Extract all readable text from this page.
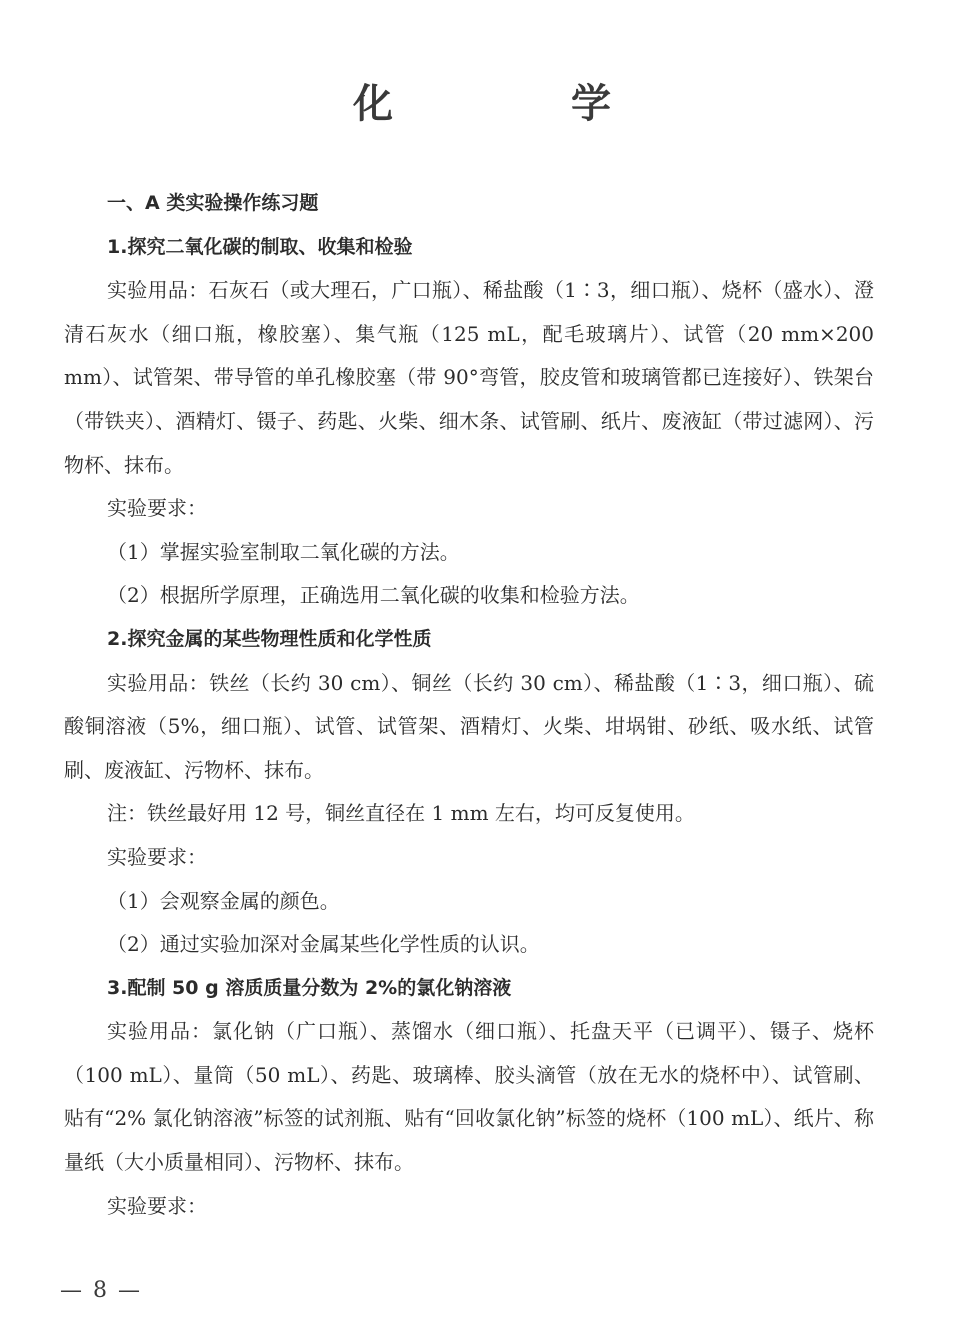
化 学

一、A 类实验操作练习题

1.探究二氧化碳的制取、收集和检验

实验用品：石灰石（或大理石，广口瓶）、稀盐酸（1∶3，细口瓶）、烧杯（盛水）、澄清石灰水（细口瓶，橡胶塞）、集气瓶（125 mL，配毛玻璃片）、试管（20 mm×200 mm）、试管架、带导管的单孔橡胶塞（带 90°弯管，胶皮管和玻璃管都已连接好）、铁架台（带铁夹）、酒精灯、镊子、药匙、火柴、细木条、试管刷、纸片、废液缸（带过滤网）、污物杯、抹布。

实验要求：

（1）掌握实验室制取二氧化碳的方法。

（2）根据所学原理，正确选用二氧化碳的收集和检验方法。

2.探究金属的某些物理性质和化学性质

实验用品：铁丝（长约 30 cm）、铜丝（长约 30 cm）、稀盐酸（1∶3，细口瓶）、硫酸铜溶液（5%，细口瓶）、试管、试管架、酒精灯、火柴、坩埚钳、砂纸、吸水纸、试管刷、废液缸、污物杯、抹布。

注：铁丝最好用 12 号，铜丝直径在 1 mm 左右，均可反复使用。

实验要求：

（1）会观察金属的颜色。

（2）通过实验加深对金属某些化学性质的认识。

3.配制 50 g 溶质质量分数为 2%的氯化钠溶液

实验用品：氯化钠（广口瓶）、蒸馏水（细口瓶）、托盘天平（已调平）、镊子、烧杯（100 mL）、量筒（50 mL）、药匙、玻璃棒、胶头滴管（放在无水的烧杯中）、试管刷、贴有“2% 氯化钠溶液”标签的试剂瓶、贴有“回收氯化钠”标签的烧杯（100 mL）、纸片、称量纸（大小质量相同）、污物杯、抹布。

实验要求：

— 8 —
